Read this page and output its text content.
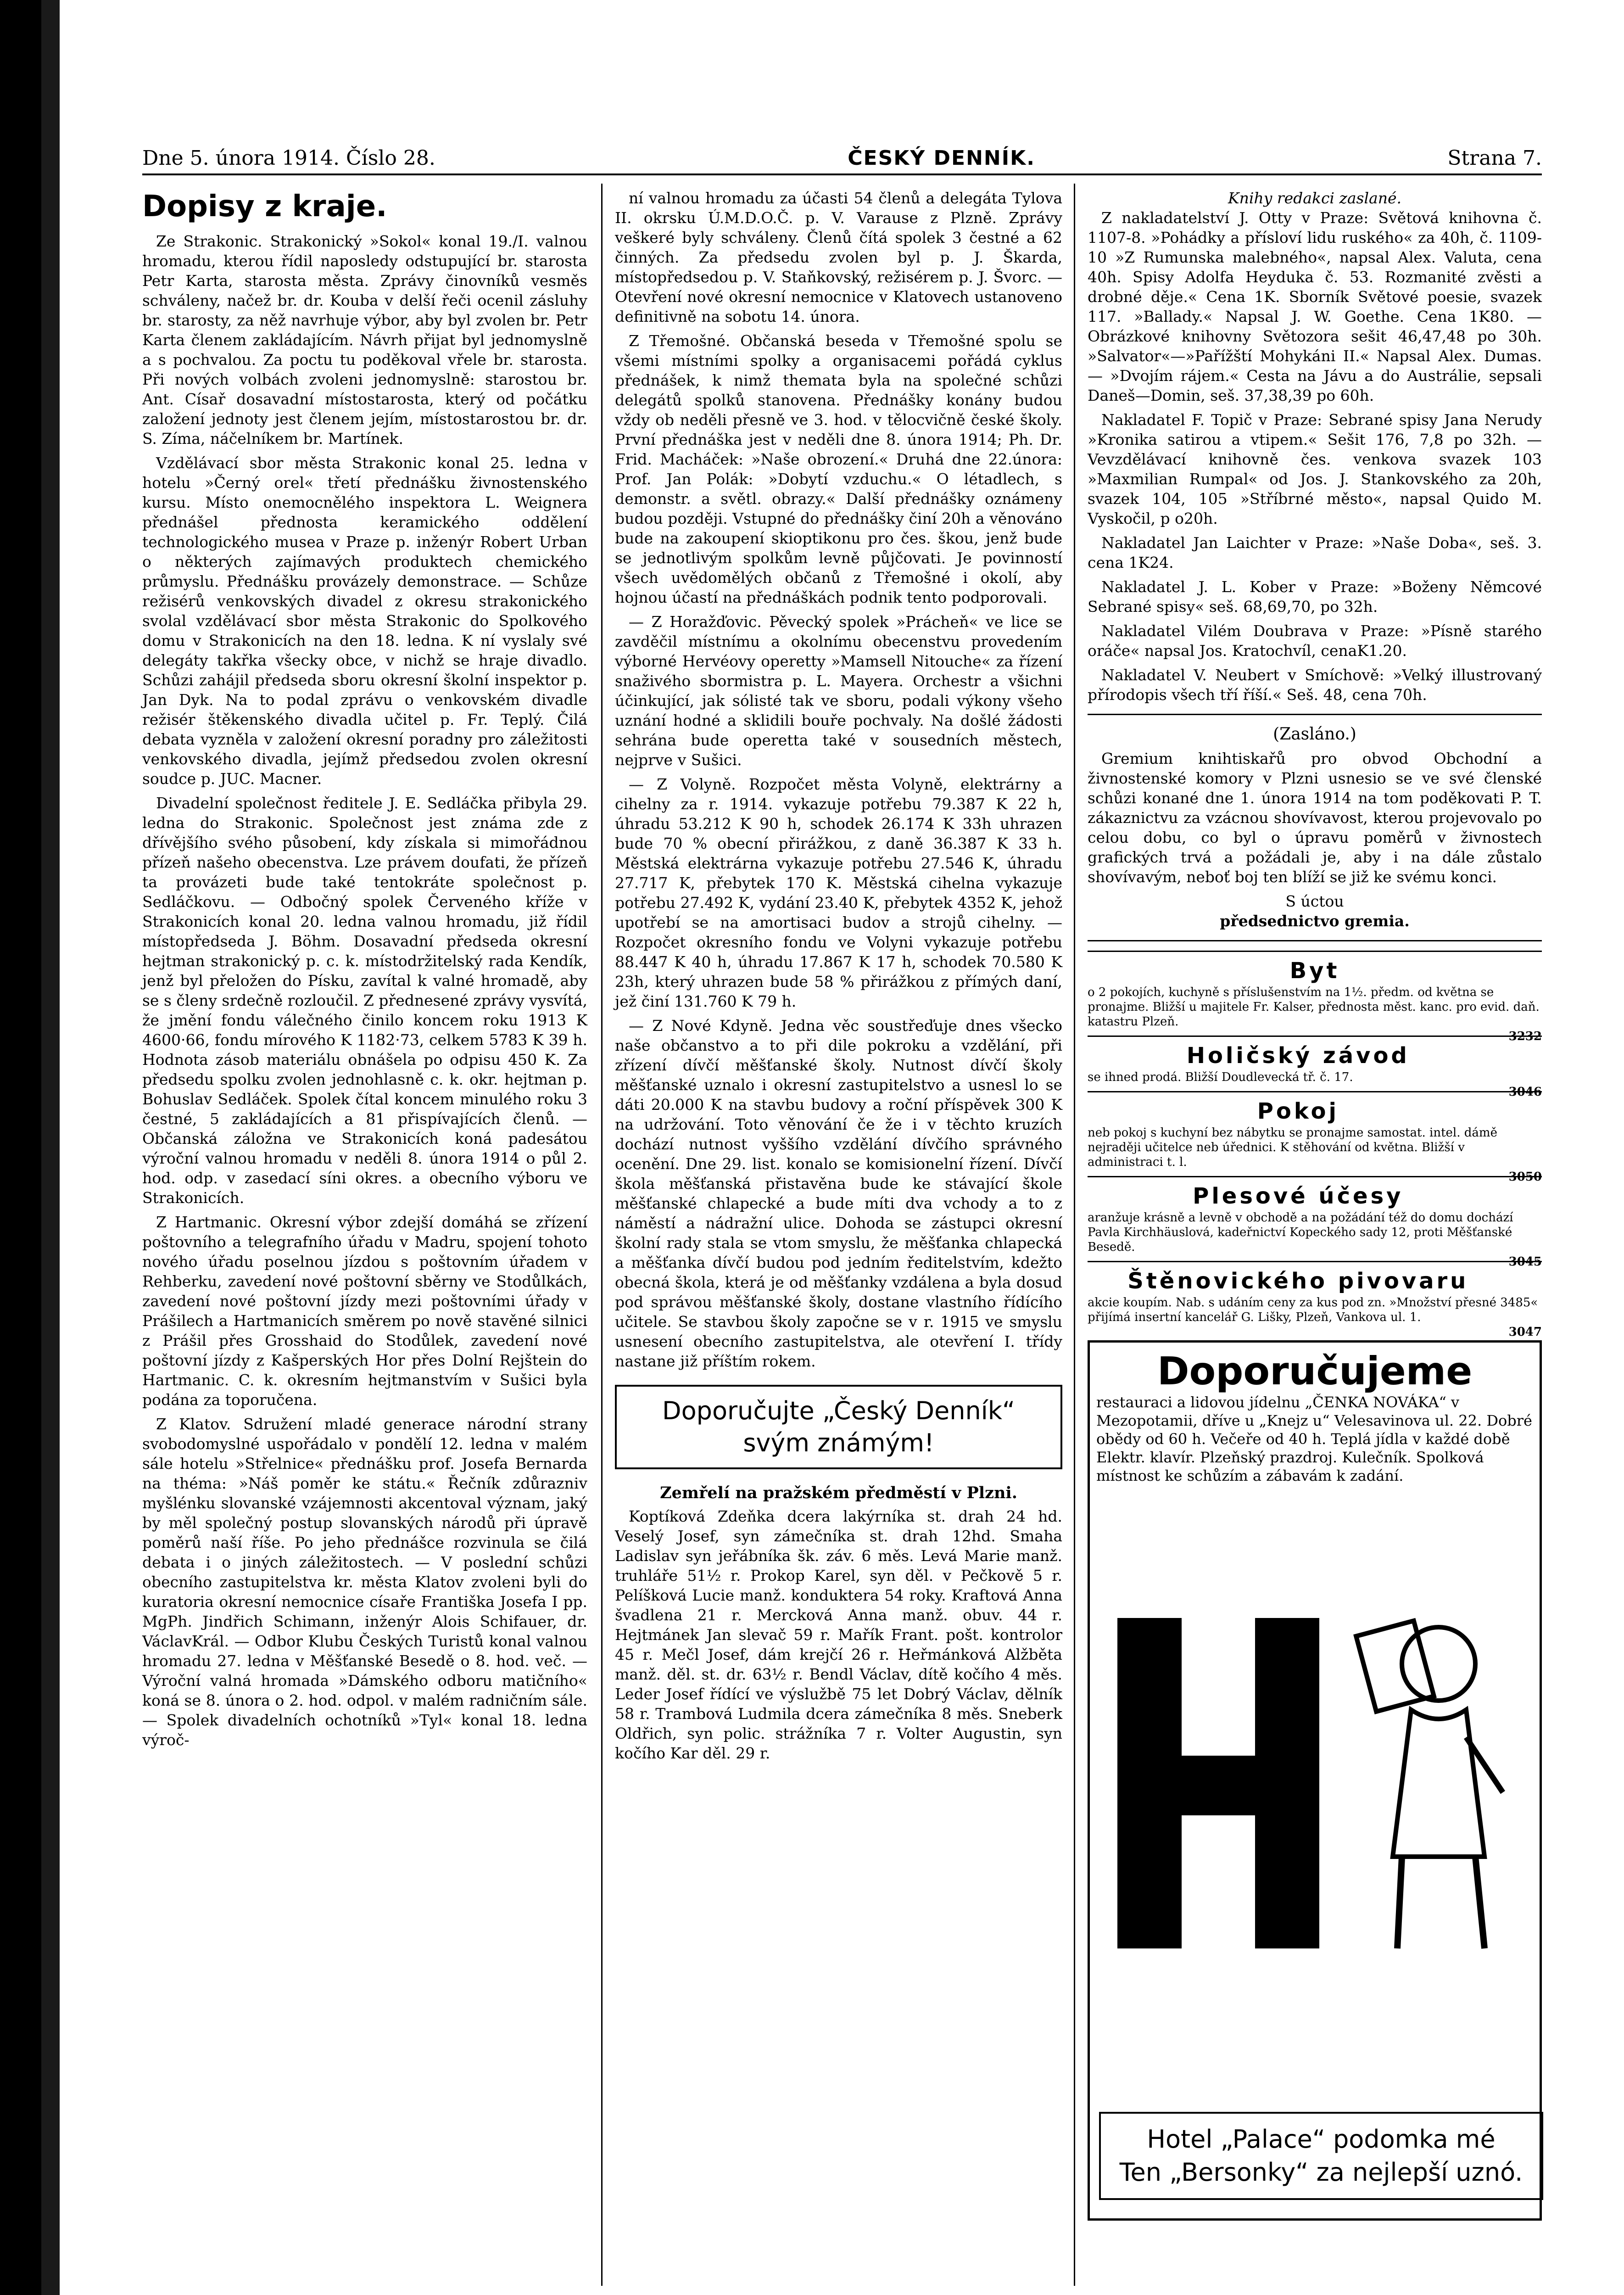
Dne 5. února 1914. Číslo 28.	ČESKÝ DENNÍK.	Strana 7.
Dopisy z kraje.

Ze Strakonic. Strakonický »Sokol« konal 19./I. valnou hromadu, kterou řídil naposledy odstupující br. starosta Petr Karta, starosta města. Zprávy činovníků vesměs schváleny, načež br. dr. Kouba v delší řeči ocenil zásluhy br. starosty, za něž navrhuje výbor, aby byl zvolen br. Petr Karta členem zakládajícím. Návrh přijat byl jednomyslně a s pochvalou. Za poctu tu poděkoval vřele br. starosta. Při nových volbách zvoleni jednomyslně: starostou br. Ant. Císař dosavadní místostarosta, který od počátku založení jednoty jest členem jejím, místostarostou br. dr. S. Zíma, náčelníkem br. Martínek.

Vzdělávací sbor města Strakonic konal 25. ledna v hotelu »Černý orel« třetí přednášku živnostenského kursu. Místo onemocnělého inspektora L. Weignera přednášel přednosta keramického oddělení technologického musea v Praze p. inženýr Robert Urban o některých zajímavých produktech chemického průmyslu. Přednášku provázely demonstrace. — Schůze režisérů venkovských divadel z okresu strakonického svolal vzdělávací sbor města Strakonic do Spolkového domu v Strakonicích na den 18. ledna. K ní vyslaly své delegáty takřka všecky obce, v nichž se hraje divadlo. Schůzi zahájil předseda sboru okresní školní inspektor p. Jan Dyk. Na to podal zprávu o venkovském divadle režisér štěkenského divadla učitel p. Fr. Teplý. Čilá debata vyzněla v založení okresní poradny pro záležitosti venkovského divadla, jejímž předsedou zvolen okresní soudce p. JUC. Macner.

Divadelní společnost ředitele J. E. Sedláčka přibyla 29. ledna do Strakonic. Společnost jest známa zde z dřívějšího svého působení, kdy získala si mimořádnou přízeň našeho obecenstva. Lze právem doufati, že přízeň ta provázeti bude také tentokráte společnost p. Sedláčkovu. — Odbočný spolek Červeného kříže v Strakonicích konal 20. ledna valnou hromadu, již řídil místopředseda J. Böhm. Dosavadní předseda okresní hejtman strakonický p. c. k. místodržitelský rada Kendík, jenž byl přeložen do Písku, zavítal k valné hromadě, aby se s členy srdečně rozloučil. Z přednesené zprávy vysvítá, že jmění fondu válečného činilo koncem roku 1913 K 4600·66, fondu mírového K 1182·73, celkem 5783 K 39 h. Hodnota zásob materiálu obnášela po odpisu 450 K. Za předsedu spolku zvolen jednohlasně c. k. okr. hejtman p. Bohuslav Sedláček. Spolek čítal koncem minulého roku 3 čestné, 5 zakládajících a 81 přispívajících členů. — Občanská záložna ve Strakonicích koná padesátou výroční valnou hromadu v neděli 8. února 1914 o půl 2. hod. odp. v zasedací síni okres. a obecního výboru ve Strakonicích.

Z Hartmanic. Okresní výbor zdejší domáhá se zřízení poštovního a telegrafního úřadu v Madru, spojení tohoto nového úřadu poselnou jízdou s poštovním úřadem v Rehberku, zavedení nové poštovní sběrny ve Stodůlkách, zavedení nové poštovní jízdy mezi poštovními úřady v Prášilech a Hartmanicích směrem po nově stavěné silnici z Prášil přes Grosshaid do Stodůlek, zavedení nové poštovní jízdy z Kašperských Hor přes Dolní Rejštein do Hartmanic. C. k. okresním hejtmanstvím v Sušici byla podána za toporučena.

Z Klatov. Sdružení mladé generace národní strany svobodomyslné uspořádalo v pondělí 12. ledna v malém sále hotelu »Střelnice« přednášku prof. Josefa Bernarda na théma: »Náš poměr ke státu.« Řečník zdůrazniv myšlénku slovanské vzájemnosti akcentoval význam, jaký by měl společný postup slovanských národů při úpravě poměrů naší říše. Po jeho přednášce rozvinula se čilá debata i o jiných záležitostech. — V poslední schůzi obecního zastupitelstva kr. města Klatov zvoleni byli do kuratoria okresní nemocnice císaře Františka Josefa I pp. MgPh. Jindřich Schimann, inženýr Alois Schifauer, dr. VáclavKrál. — Odbor Klubu Českých Turistů konal valnou hromadu 27. ledna v Měšťanské Besedě o 8. hod. več. — Výroční valná hromada »Dámského odboru matičního« koná se 8. února o 2. hod. odpol. v malém radničním sále. — Spolek divadelních ochotníků »Tyl« konal 18. ledna výroč-

ní valnou hromadu za účasti 54 členů a delegáta Tylova II. okrsku Ú.M.D.O.Č. p. V. Varause z Plzně. Zprávy veškeré byly schváleny. Členů čítá spolek 3 čestné a 62 činných. Za předsedu zvolen byl p. J. Škarda, místopředsedou p. V. Staňkovský, režisérem p. J. Švorc. — Otevření nové okresní nemocnice v Klatovech ustanoveno definitivně na sobotu 14. února.

Z Třemošné. Občanská beseda v Třemošné spolu se všemi místními spolky a organisacemi pořádá cyklus přednášek, k nimž themata byla na společné schůzi delegátů spolků stanovena. Přednášky konány budou vždy ob neděli přesně ve 3. hod. v tělocvičně české školy. První přednáška jest v neděli dne 8. února 1914; Ph. Dr. Frid. Macháček: »Naše obrození.« Druhá dne 22.února: Prof. Jan Polák: »Dobytí vzduchu.« O létadlech, s demonstr. a světl. obrazy.« Další přednášky oznámeny budou později. Vstupné do přednášky činí 20h a věnováno bude na zakoupení skioptikonu pro čes. škou, jenž bude se jednotlivým spolkům levně půjčovati. Je povinností všech uvědomělých občanů z Třemošné i okolí, aby hojnou účastí na přednáškách podnik tento podporovali.

— Z Horažďovic. Pěvecký spolek »Prácheň« ve lice se zavděčil místnímu a okolnímu obecenstvu provedením výborné Hervéovy operetty »Mamsell Nitouche« za řízení snaživého sbormistra p. L. Mayera. Orchestr a všichni účinkující, jak sólisté tak ve sboru, podali výkony všeho uznání hodné a sklidili bouře pochvaly. Na došlé žádosti sehrána bude operetta také v sousedních městech, nejprve v Sušici.

— Z Volyně. Rozpočet města Volyně, elektrárny a cihelny za r. 1914. vykazuje potřebu 79.387 K 22 h, úhradu 53.212 K 90 h, schodek 26.174 K 33h uhrazen bude 70 % obecní přirážkou, z daně 36.387 K 33 h. Městská elektrárna vykazuje potřebu 27.546 K, úhradu 27.717 K, přebytek 170 K. Městská cihelna vykazuje potřebu 27.492 K, vydání 23.40 K, přebytek 4352 K, jehož upotřebí se na amortisaci budov a strojů cihelny. — Rozpočet okresního fondu ve Volyni vykazuje potřebu 88.447 K 40 h, úhradu 17.867 K 17 h, schodek 70.580 K 23h, který uhrazen bude 58 % přirážkou z přímých daní, jež činí 131.760 K 79 h.

— Z Nové Kdyně. Jedna věc soustřeďuje dnes všecko naše občanstvo a to při dile pokroku a vzdělání, při zřízení dívčí měšťanské školy. Nutnost dívčí školy měšťanské uznalo i okresní zastupitelstvo a usnesl lo se dáti 20.000 K na stavbu budovy a roční příspěvek 300 K na udržování. Toto věnování če že i v těchto kruzích dochází nutnost vyššího vzdělání dívčího správného ocenění. Dne 29. list. konalo se komisionelní řízení. Dívčí škola měšťanská přistavěna bude ke stávající škole měšťanské chlapecké a bude míti dva vchody a to z náměstí a nádražní ulice. Dohoda se zástupci okresní školní rady stala se vtom smyslu, že měšťanka chlapecká a měšťanka dívčí budou pod jedním ředitelstvím, kdežto obecná škola, která je od měšťanky vzdálena a byla dosud pod správou měšťanské školy, dostane vlastního řídícího učitele. Se stavbou školy započne se v r. 1915 ve smyslu usnesení obecního zastupitelstva, ale otevření I. třídy nastane již příštím rokem.

Doporučujte „Český Denník“
svým známým!
Zemřelí na pražském předměstí v Plzni.

Koptíková Zdeňka dcera lakýrníka st. drah 24 hd. Veselý Josef, syn zámečníka st. drah 12hd. Smaha Ladislav syn jeřábníka šk. záv. 6 měs. Levá Marie manž. truhláře 51½ r. Prokop Karel, syn děl. v Pečkově 5 r. Pelíšková Lucie manž. konduktera 54 roky. Kraftová Anna švadlena 21 r. Mercková Anna manž. obuv. 44 r. Hejtmánek Jan slevač 59 r. Mařík Frant. pošt. kontrolor 45 r. Mečl Josef, dám krejčí 26 r. Heřmánková Alžběta manž. děl. st. dr. 63½ r. Bendl Václav, dítě kočího 4 měs. Leder Josef řídící ve výslužbě 75 let Dobrý Václav, dělník 58 r. Trambová Ludmila dcera zámečníka 8 měs. Sneberk Oldřich, syn polic. strážníka 7 r. Volter Augustin, syn kočího Kar děl. 29 r.

Knihy redakci zaslané.

Z nakladatelství J. Otty v Praze: Světová knihovna č. 1107-8. »Pohádky a přísloví lidu ruského« za 40h, č. 1109-10 »Z Rumunska malebného«, napsal Alex. Valuta, cena 40h. Spisy Adolfa Heyduka č. 53. Rozmanité zvěsti a drobné děje.« Cena 1K. Sborník Světové poesie, svazek 117. »Ballady.« Napsal J. W. Goethe. Cena 1K80. —Obrázkové knihovny Světozora sešit 46,47,48 po 30h. »Salvator«—»Pařížští Mohykáni II.« Napsal Alex. Dumas. — »Dvojím rájem.« Cesta na Jávu a do Austrálie, sepsali Daneš—Domin, seš. 37,38,39 po 60h.

Nakladatel F. Topič v Praze: Sebrané spisy Jana Nerudy »Kronika satirou a vtipem.« Sešit 176, 7,8 po 32h. —Vevzdělávací knihovně čes. venkova svazek 103 »Maxmilian Rumpal« od Jos. J. Stankovského za 20h, svazek 104, 105 »Stříbrné město«, napsal Quido M. Vyskočil, p o20h.

Nakladatel Jan Laichter v Praze: »Naše Doba«, seš. 3. cena 1K24.

Nakladatel J. L. Kober v Praze: »Boženy Němcové Sebrané spisy« seš. 68,69,70, po 32h.

Nakladatel Vilém Doubrava v Praze: »Písně starého oráče« napsal Jos. Kratochvíl, cenaK1.20.

Nakladatel V. Neubert v Smíchově: »Velký illustrovaný přírodopis všech tří říší.« Seš. 48, cena 70h.

(Zasláno.)

Gremium knihtiskařů pro obvod Obchodní a živnostenské komory v Plzni usnesio se ve své členské schůzi konané dne 1. února 1914 na tom poděkovati P. T. zákaznictvu za vzácnou shovívavost, kterou projevovalo po celou dobu, co byl o úpravu poměrů v živnostech grafických trvá a požádali je, aby i na dále zůstalo shovívavým, neboť boj ten blíží se již ke svému konci.

S úctou
předsednictvo gremia.
Byt
o 2 pokojích, kuchyně s příslušenstvím na 1½. předm. od května se pronajme. Bližší u majitele Fr. Kalser, přednosta měst. kanc. pro evid. daň. katastru Plzeň.
3232
Holičský závod
se ihned prodá. Bližší Doudlevecká tř. č. 17.
3046
Pokoj
neb pokoj s kuchyní bez nábytku se pronajme samostat. intel. dámě nejraději učitelce neb úřednici. K stěhování od května. Bližší v administraci t. l.
3050
Plesové účesy
aranžuje krásně a levně v obchodě a na požádání též do domu dochází Pavla Kirchhäuslová, kadeřnictví Kopeckého sady 12, proti Měšťanské Besedě.
3045
Štěnovického pivovaru
akcie koupím. Nab. s udáním ceny za kus pod zn. »Množství přesné 3485« přijímá insertní kancelář G. Lišky, Plzeň, Vankova ul. 1.
3047
Doporučujeme
restauraci a lidovou jídelnu „ČENKA NOVÁKA“ v Mezopotamii, dříve u „Knejz u“ Velesavinova ul. 22. Dobré obědy od 60 h. Večeře od 40 h. Teplá jídla v každé době Elektr. klavír. Plzeňský prazdroj. Kulečník. Spolková místnost ke schůzím a zábavám k zadání.
Hotel „Palace“ podomka mé
Ten „Bersonky“ za nejlepší uznó.
